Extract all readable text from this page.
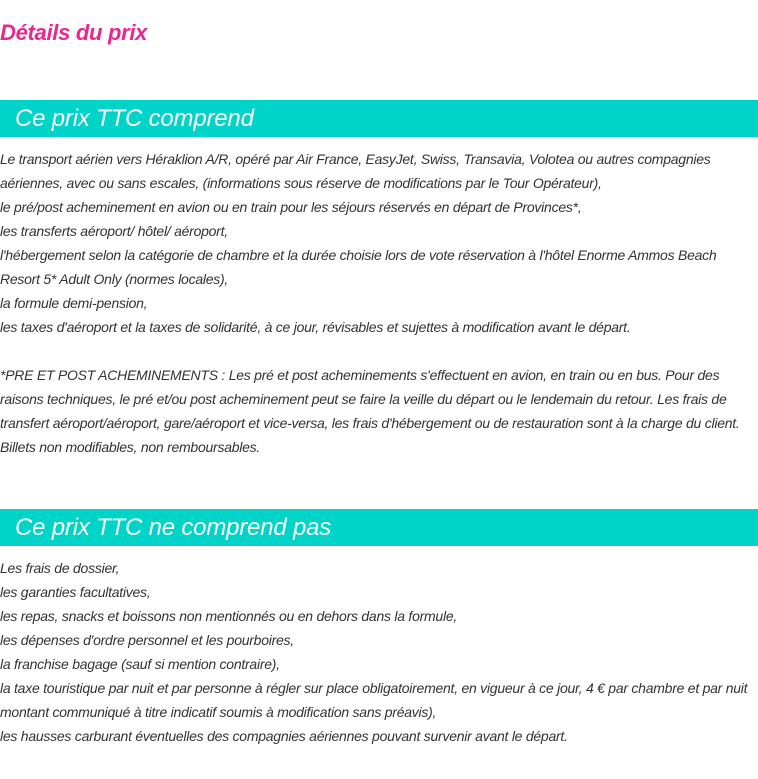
Détails du prix
Ce prix TTC comprend
Le transport aérien vers Héraklion A/R, opéré par Air France, EasyJet, Swiss, Transavia, Volotea ou autres compagnies aériennes, avec ou sans escales, (informations sous réserve de modifications par le Tour Opérateur),
le pré/post acheminement en avion ou en train pour les séjours réservés en départ de Provinces*,
les transferts aéroport/ hôtel/ aéroport,
l'hébergement selon la catégorie de chambre et la durée choisie lors de vote réservation à l'hôtel Enorme Ammos Beach Resort 5* Adult Only (normes locales),
la formule demi-pension,
les taxes d'aéroport et la taxes de solidarité, à ce jour, révisables et sujettes à modification avant le départ.
*PRE ET POST ACHEMINEMENTS : Les pré et post acheminements s'effectuent en avion, en train ou en bus. Pour des raisons techniques, le pré et/ou post acheminement peut se faire la veille du départ ou le lendemain du retour. Les frais de transfert aéroport/aéroport, gare/aéroport et vice-versa, les frais d'hébergement ou de restauration sont à la charge du client. Billets non modifiables, non remboursables.
Ce prix TTC ne comprend pas
Les frais de dossier,
les garanties facultatives,
les repas, snacks et boissons non mentionnés ou en dehors dans la formule,
les dépenses d'ordre personnel et les pourboires,
la franchise bagage (sauf si mention contraire),
la taxe touristique par nuit et par personne à régler sur place obligatoirement, en vigueur à ce jour, 4 € par chambre et par nuit montant communiqué à titre indicatif soumis à modification sans préavis),
les hausses carburant éventuelles des compagnies aériennes pouvant survenir avant le départ.
